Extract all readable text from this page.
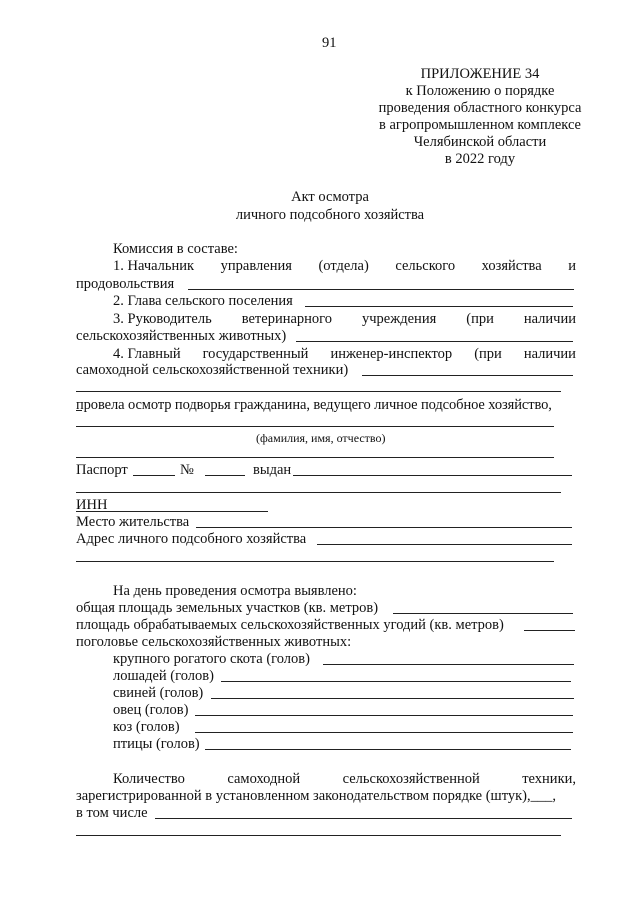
91
ПРИЛОЖЕНИЕ 34
к Положению о порядке
проведения областного конкурса
в агропромышленном комплексе
Челябинской области
в 2022 году
Акт осмотра
личного подсобного хозяйства
Комиссия в составе:
1. Начальник управления (отдела) сельского хозяйства и
продовольствия
2. Глава сельского поселения
3. Руководитель ветеринарного учреждения (при наличии
сельскохозяйственных животных)
4. Главный государственный инженер-инспектор (при наличии
самоходной сельскохозяйственной техники)
провела осмотр подворья гражданина, ведущего личное подсобное хозяйство,
(фамилия, имя, отчество)
Паспорт	№	выдан
ИНН
Место жительства
Адрес личного подсобного хозяйства
На день проведения осмотра выявлено:
общая площадь земельных участков (кв. метров)
площадь обрабатываемых сельскохозяйственных угодий (кв. метров)
поголовье сельскохозяйственных животных:
крупного рогатого скота (голов)
лошадей (голов)
свиней (голов)
овец (голов)
коз (голов)
птицы (голов)
Количество	самоходной	сельскохозяйственной	техники,
зарегистрированной в установленном законодательством порядке (штук),___,
в том числе
